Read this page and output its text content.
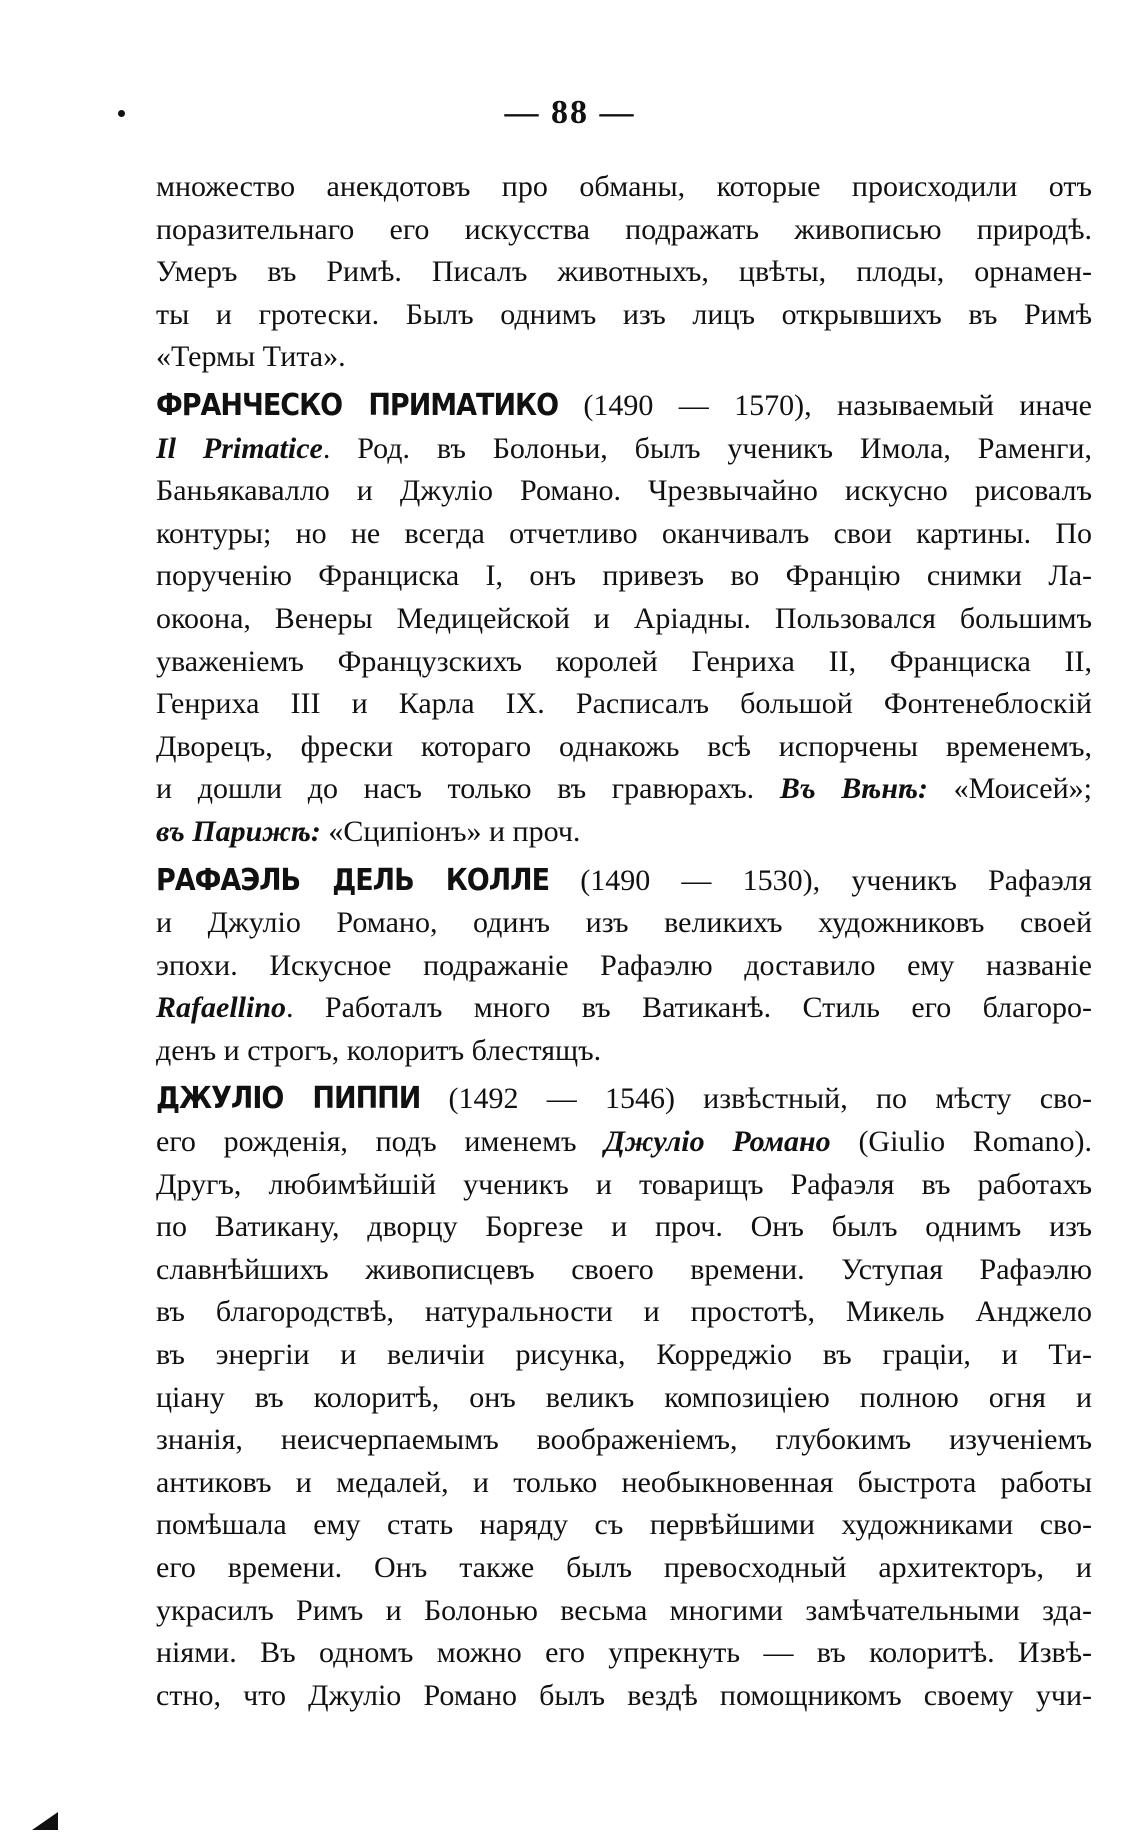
— 88 —
множество анекдотовъ про обманы, которые происходили отъ
поразительнаго его искусства подражать живописью природѣ.
Умеръ въ Римѣ. Писалъ животныхъ, цвѣты, плоды, орнамен-
ты и гротески. Былъ однимъ изъ лицъ открывшихъ въ Римѣ
«Термы Тита».
ФРАНЧЕСКО ПРИМАТИКО (1490 — 1570), называемый иначе
Il Primatice. Род. въ Болоньи, былъ ученикъ Имола, Раменги,
Баньякавалло и Джуліо Романо. Чрезвычайно искусно рисовалъ
контуры; но не всегда отчетливо оканчивалъ свои картины. По
порученію Франциска I, онъ привезъ во Францію снимки Ла-
окоона, Венеры Медицейской и Аріадны. Пользовался большимъ
уваженіемъ Французскихъ королей Генриха II, Франциска II,
Генриха III и Карла IX. Расписалъ большой Фонтенеблоскій
Дворецъ, фрески котораго однакожь всѣ испорчены временемъ,
и дошли до насъ только въ гравюрахъ. Въ Вѣнѣ: «Моисей»;
въ Парижѣ: «Сципіонъ» и проч.
РАФАЭЛЬ ДЕЛЬ КОЛЛЕ (1490 — 1530), ученикъ Рафаэля
и Джуліо Романо, одинъ изъ великихъ художниковъ своей
эпохи. Искусное подражаніе Рафаэлю доставило ему названіе
Rafaellino. Работалъ много въ Ватиканѣ. Стиль его благоро-
денъ и строгъ, колоритъ блестящъ.
ДЖУЛІО ПИППИ (1492 — 1546) извѣстный, по мѣсту сво-
его рожденія, подъ именемъ Джуліо Романо (Giulio Romano).
Другъ, любимѣйшій ученикъ и товарищъ Рафаэля въ работахъ
по Ватикану, дворцу Боргезе и проч. Онъ былъ однимъ изъ
славнѣйшихъ живописцевъ своего времени. Уступая Рафаэлю
въ благородствѣ, натуральности и простотѣ, Микель Анджело
въ энергіи и величіи рисунка, Корреджіо въ граціи, и Ти-
ціану въ колоритѣ, онъ великъ композиціею полною огня и
знанія, неисчерпаемымъ воображеніемъ, глубокимъ изученіемъ
антиковъ и медалей, и только необыкновенная быстрота работы
помѣшала ему стать наряду съ первѣйшими художниками сво-
его времени. Онъ также былъ превосходный архитекторъ, и
украсилъ Римъ и Болонью весьма многими замѣчательными зда-
ніями. Въ одномъ можно его упрекнуть — въ колоритѣ. Извѣ-
стно, что Джуліо Романо былъ вездѣ помощникомъ своему учи-
